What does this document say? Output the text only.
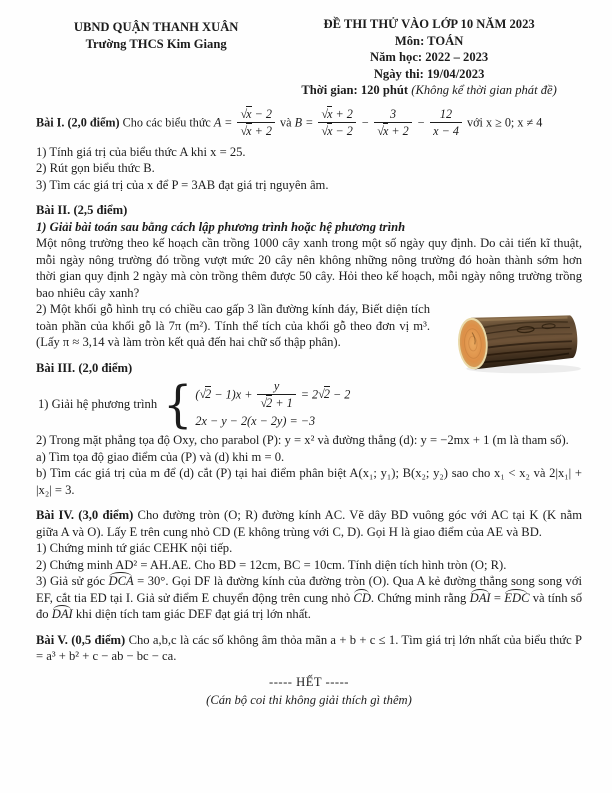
UBND QUẬN THANH XUÂN
Trường THCS Kim Giang
ĐỀ THI THỬ VÀO LỚP 10 NĂM 2023
Môn: TOÁN
Năm học: 2022 – 2023
Ngày thi: 19/04/2023
Thời gian: 120 phút (Không kể thời gian phát đề)

Bài I. (2,0 điểm) Cho các biểu thức $A = \frac{√x - 2}{√x + 2}$ và $B = \frac{√x + 2}{√x - 2} - \frac{3}{√x + 2} - \frac{12}{x - 4}$ với x ≥ 0; x ≠ 4

1) Tính giá trị của biểu thức A khi x = 25.

2) Rút gọn biểu thức B.

3) Tìm các giá trị của x để P = 3AB đạt giá trị nguyên âm.

Bài II. (2,5 điểm)

1) Giải bài toán sau bằng cách lập phương trình hoặc hệ phương trình

Một nông trường theo kế hoạch cần trồng 1000 cây xanh trong một số ngày quy định. Do cải tiến kĩ thuật, mỗi ngày nông trường đó trồng vượt mức 20 cây nên không những nông trường đó hoàn thành sớm hơn thời gian quy định 2 ngày mà còn trồng thêm được 50 cây. Hỏi theo kế hoạch, mỗi ngày nông trường trồng bao nhiêu cây xanh?

2) Một khối gỗ hình trụ có chiều cao gấp 3 lần đường kính đáy, Biết diện tích toàn phần của khối gỗ là 7π (m²). Tính thể tích của khối gỗ theo đơn vị m³. (Lấy π ≈ 3,14 và làm tròn kết quả đến hai chữ số thập phân).

Bài III. (2,0 điểm)

1) Giải hệ phương trình { $(√2 - 1)x + \frac{y}{√2 + 1} = 2√2 - 2$
2x − y − 2(x − 2y) = −3

2) Trong mặt phẳng tọa độ Oxy, cho parabol (P): y = x² và đường thẳng (d): y = −2mx + 1 (m là tham số).

a) Tìm tọa độ giao điểm của (P) và (d) khi m = 0.

b) Tìm các giá trị của m để (d) cắt (P) tại hai điểm phân biệt A(x₁; y₁); B(x₂; y₂) sao cho x₁ < x₂ và 2|x₁| + |x₂| = 3.

Bài IV. (3,0 điểm) Cho đường tròn (O; R) đường kính AC. Vẽ dây BD vuông góc với AC tại K (K nằm giữa A và O). Lấy E trên cung nhỏ CD (E không trùng với C, D). Gọi H là giao điểm của AE và BD.

1) Chứng minh tứ giác CEHK nội tiếp.

2) Chứng minh AD² = AH.AE. Cho BD = 12cm, BC = 10cm. Tính diện tích hình tròn (O; R).

3) Giả sử góc DCA = 30°. Gọi DF là đường kính của đường tròn (O). Qua A kẻ đường thẳng song song với EF, cắt tia ED tại I. Giả sử điểm E chuyển động trên cung nhỏ CD. Chứng minh rằng DAI = EDC và tính số đo DAI khi diện tích tam giác DEF đạt giá trị lớn nhất.

Bài V. (0,5 điểm) Cho a,b,c là các số không âm thỏa mãn a + b + c ≤ 1. Tìm giá trị lớn nhất của biểu thức P = a³ + b² + c − ab − bc − ca.

----- HẾT -----

(Cán bộ coi thi không giải thích gì thêm)
